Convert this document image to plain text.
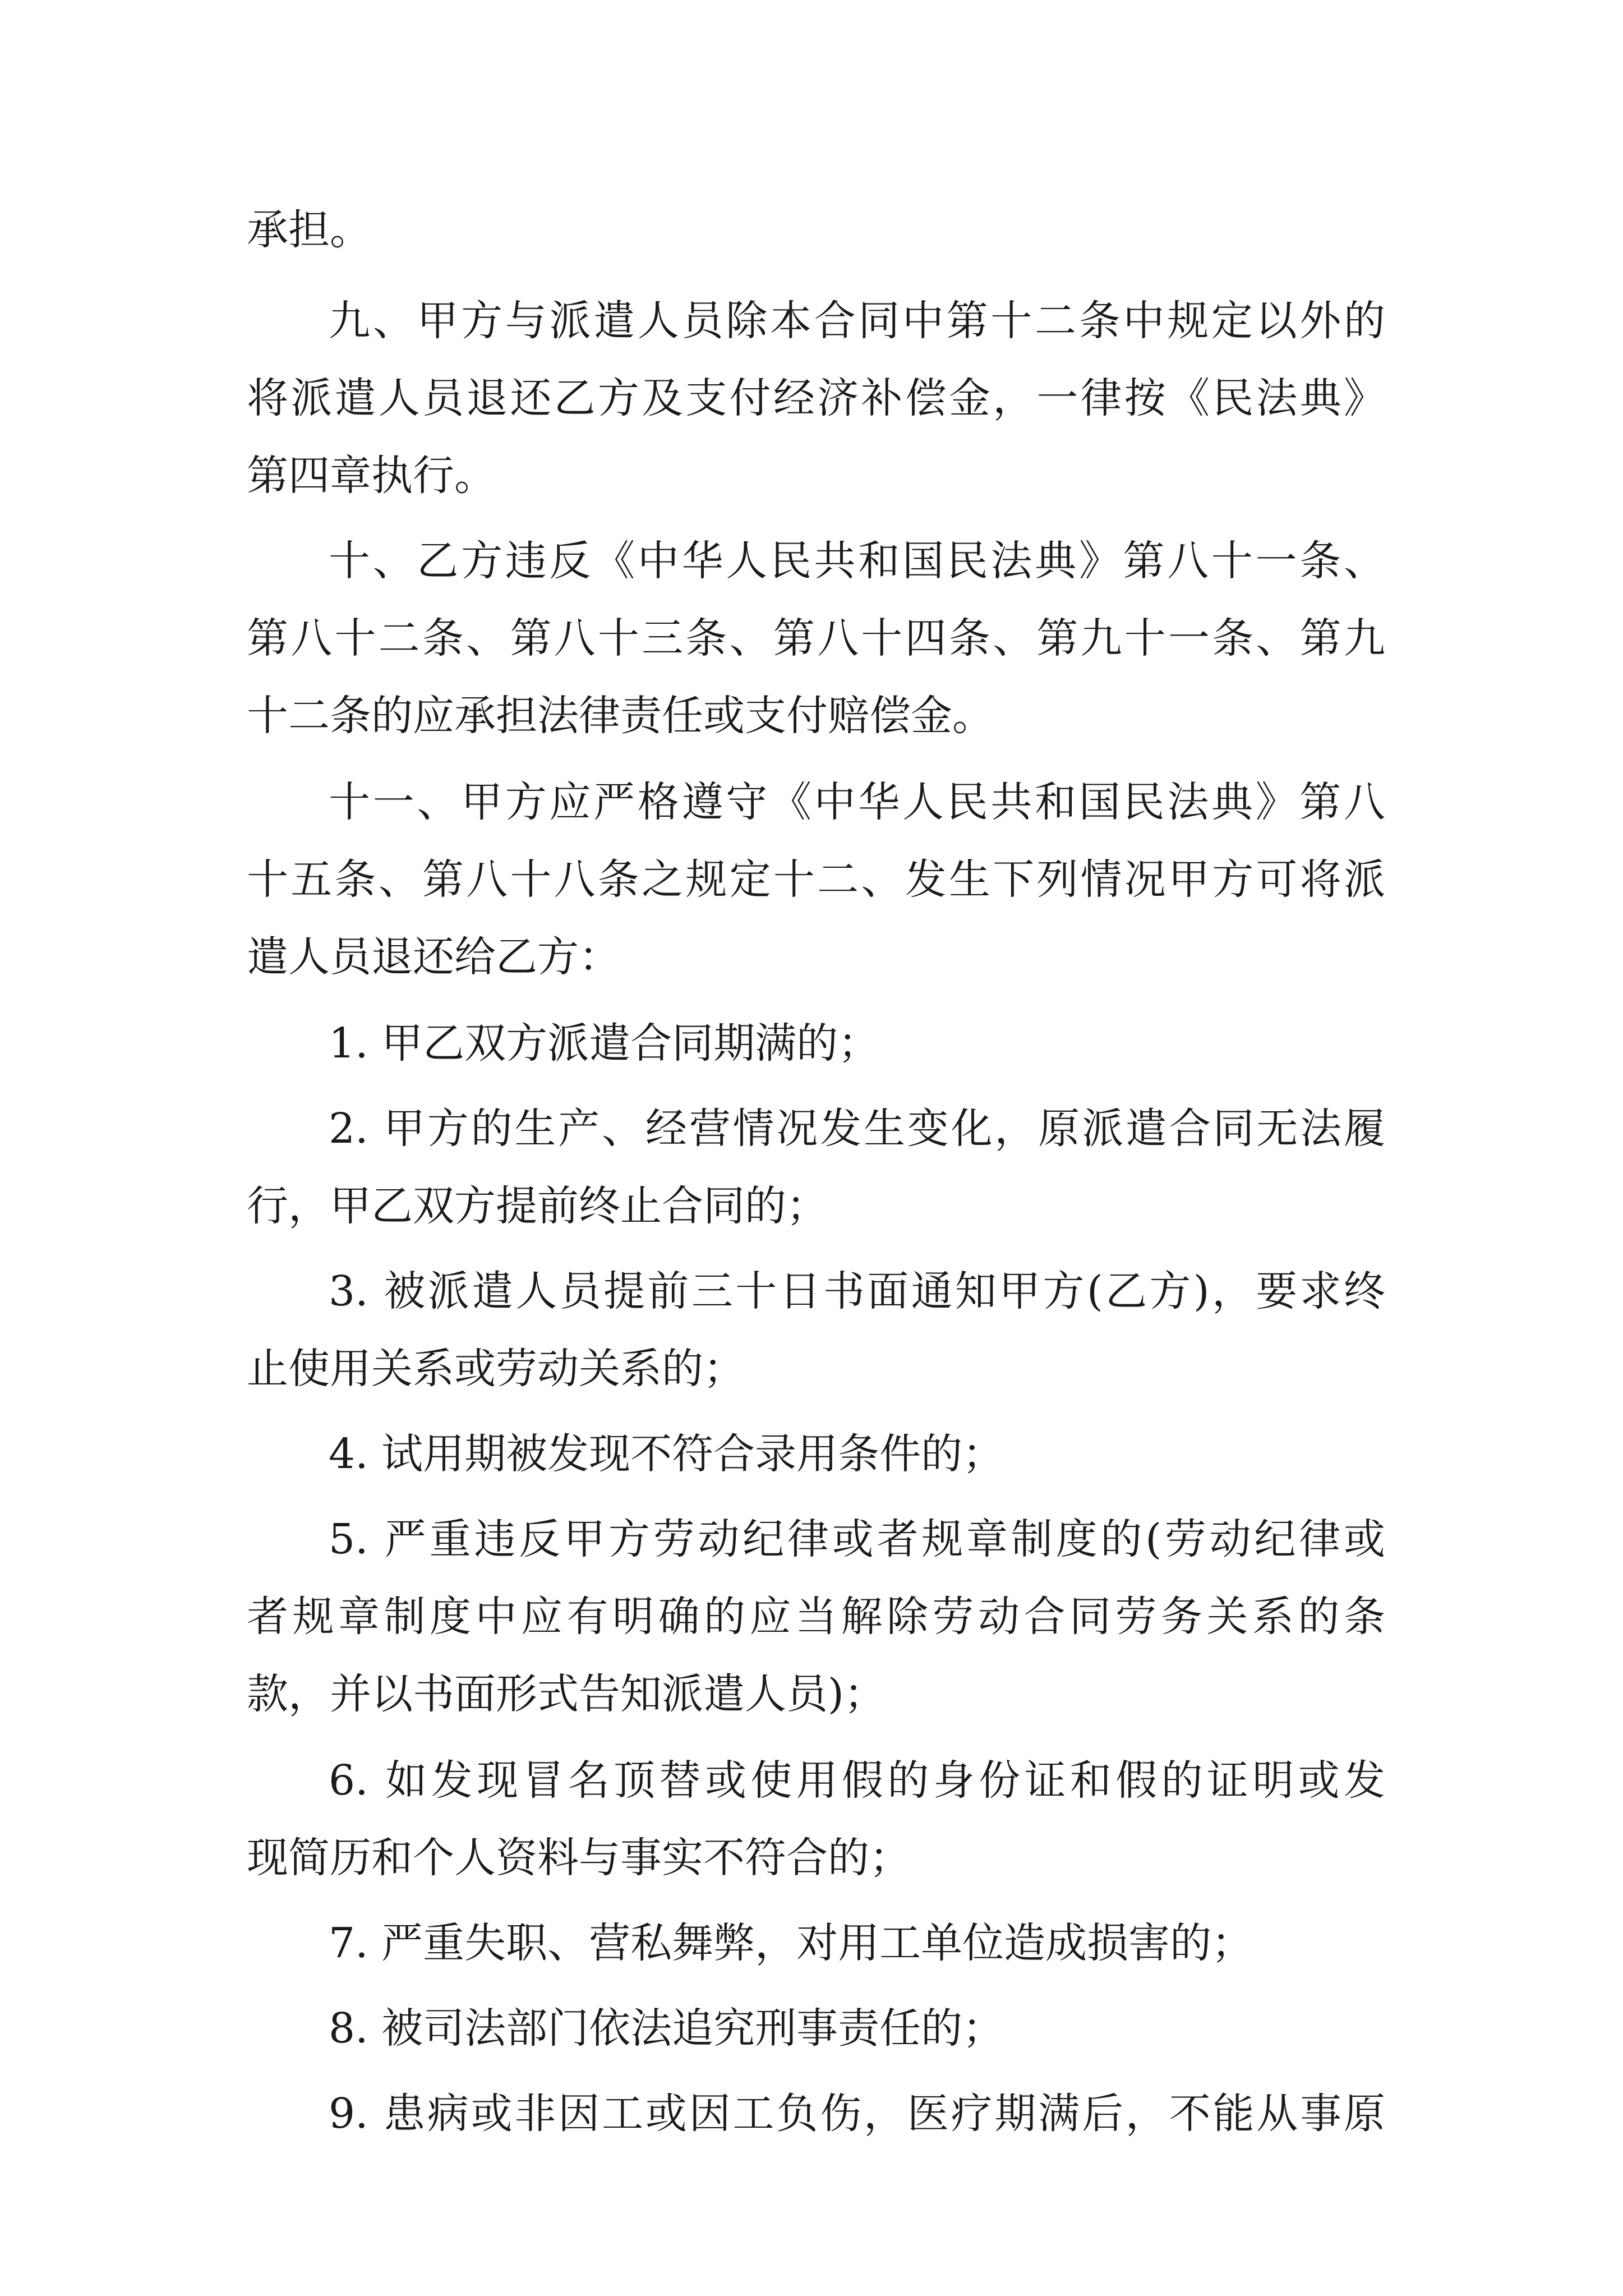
承担。
九、甲方与派遣人员除本合同中第十二条中规定以外的
将派遣人员退还乙方及支付经济补偿金，一律按《民法典》
第四章执行。
十、乙方违反《中华人民共和国民法典》第八十一条、
第八十二条、第八十三条、第八十四条、第九十一条、第九
十二条的应承担法律责任或支付赔偿金。
十一、甲方应严格遵守《中华人民共和国民法典》第八
十五条、第八十八条之规定十二、发生下列情况甲方可将派
遣人员退还给乙方：
1. 甲乙双方派遣合同期满的；
2. 甲方的生产、经营情况发生变化，原派遣合同无法履
行，甲乙双方提前终止合同的；
3. 被派遣人员提前三十日书面通知甲方(乙方)，要求终
止使用关系或劳动关系的；
4. 试用期被发现不符合录用条件的；
5. 严重违反甲方劳动纪律或者规章制度的(劳动纪律或
者规章制度中应有明确的应当解除劳动合同劳务关系的条
款，并以书面形式告知派遣人员)；
6. 如发现冒名顶替或使用假的身份证和假的证明或发
现简历和个人资料与事实不符合的；
7. 严重失职、营私舞弊，对用工单位造成损害的；
8. 被司法部门依法追究刑事责任的；
9. 患病或非因工或因工负伤，医疗期满后，不能从事原
